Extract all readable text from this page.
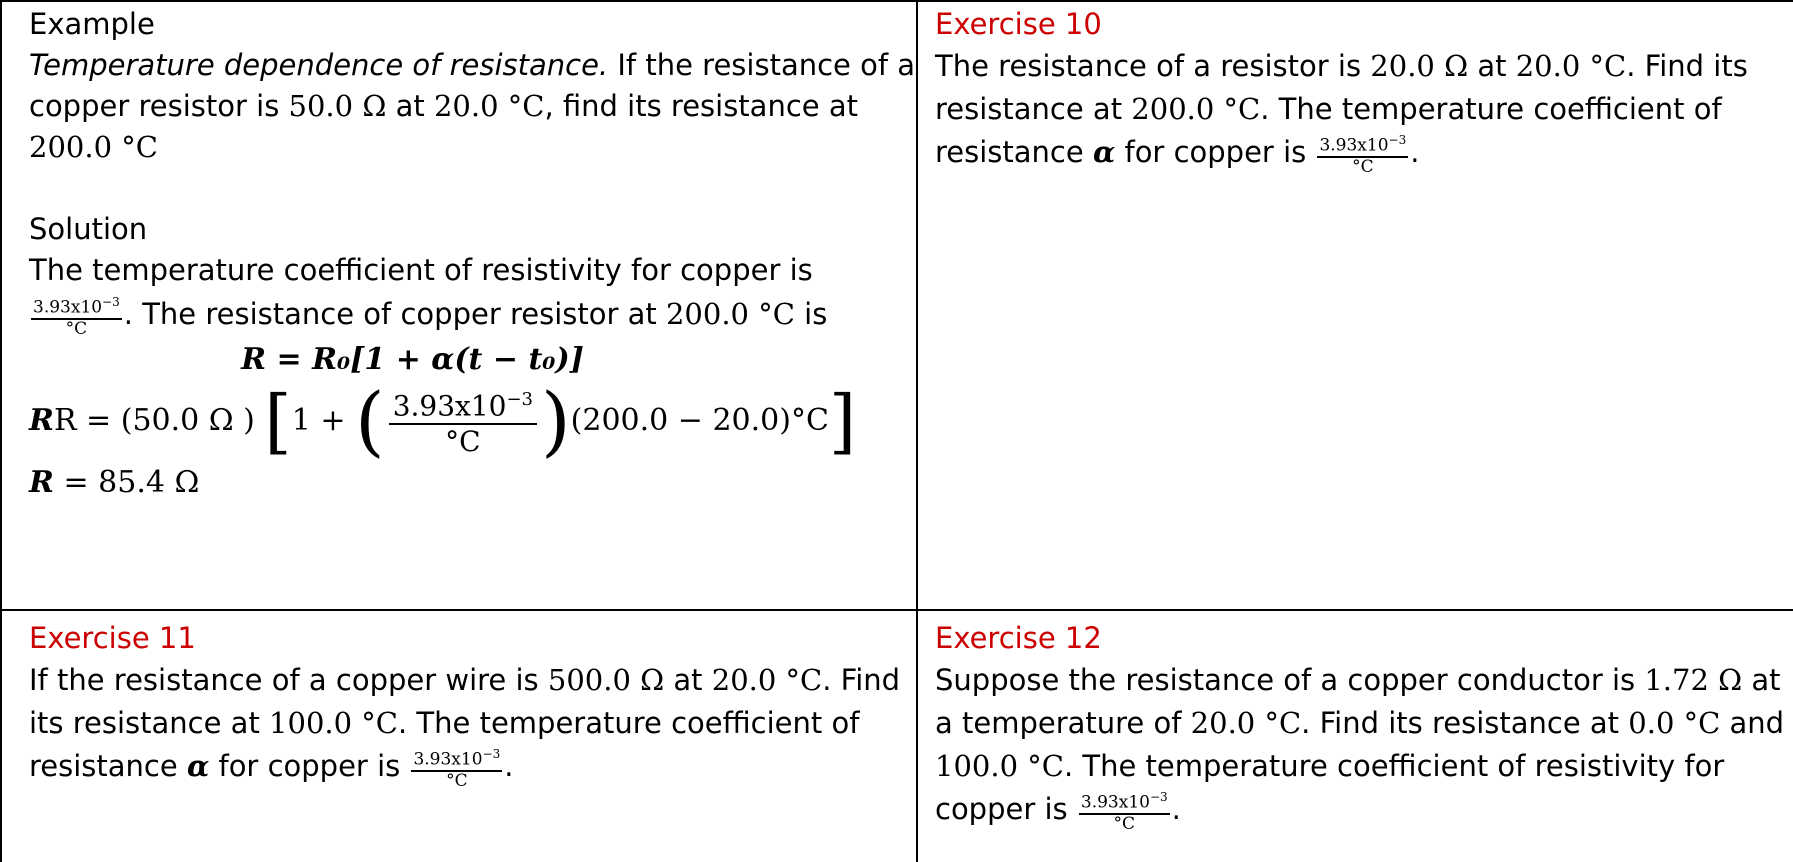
Example
Temperature dependence of resistance. If the resistance of a copper resistor is 50.0 Ω at 20.0 °C, find its resistance at 200.0 °C
Solution
The temperature coefficient of resistivity for copper is
$\frac{3.93x10^{-3}}{^\circ C}$ . The resistance of copper resistor at 200.0 °C is
R = R₀[1 + α(t − t₀)]
R R = (50.0 Ω ) [ 1 + ( $\frac{3.93x10^{-3}}{^\circ C}$ ) (200.0 − 20.0)°C ]
R = 85.4 Ω
Exercise 10
The resistance of a resistor is 20.0 Ω at 20.0 °C. Find its resistance at 200.0 °C. The temperature coefficient of resistance α for copper is $\frac{3.93x10^{-3}}{^\circ C}$ .
Exercise 11
If the resistance of a copper wire is 500.0 Ω at 20.0 °C. Find its resistance at 100.0 °C. The temperature coefficient of resistance α for copper is $\frac{3.93x10^{-3}}{^\circ C}$ .
Exercise 12
Suppose the resistance of a copper conductor is 1.72 Ω at a temperature of 20.0 °C. Find its resistance at 0.0 °C and 100.0 °C. The temperature coefficient of resistivity for copper is $\frac{3.93x10^{-3}}{^\circ C}$ .
